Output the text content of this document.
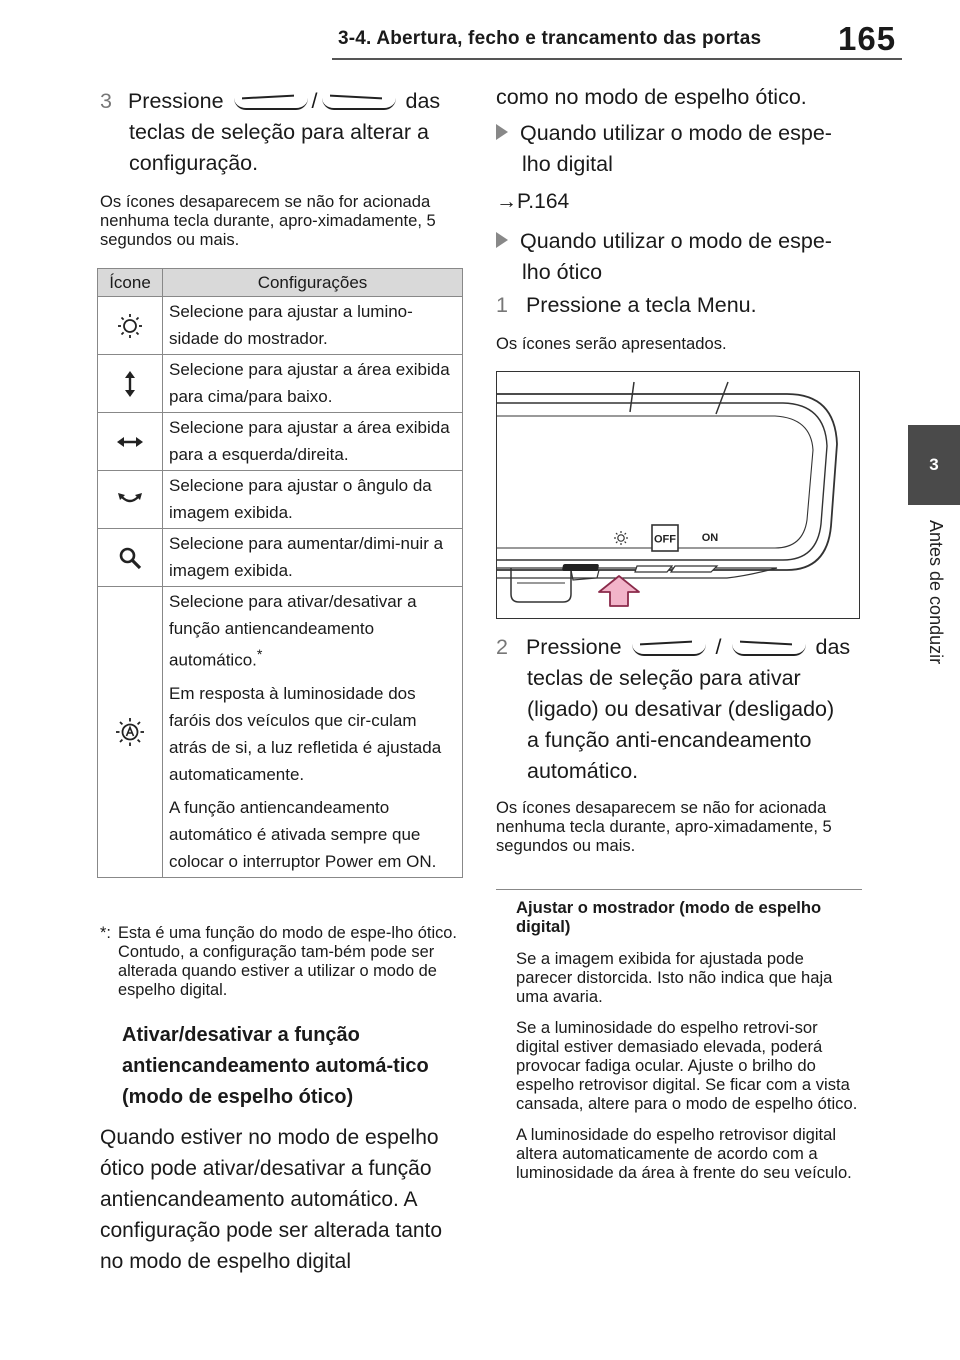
3-4. Abertura, fecho e trancamento das portas 165
3
Antes de conduzir
3 Pressione	/	das
teclas de seleção para alterar a
configuração.
Os ícones desaparecem se não for acionada nenhuma tecla durante, apro-ximadamente, 5 segundos ou mais.
Ícone	Configurações

Selecione para ajustar a lumino-sidade do mostrador.

Selecione para ajustar a área exibida para cima/para baixo.

Selecione para ajustar a área exibida para a esquerda/direita.

Selecione para ajustar o ângulo da imagem exibida.

Selecione para aumentar/dimi-nuir a imagem exibida.

Selecione para ativar/desativar a função antiencandeamento automático.*

Em resposta à luminosidade dos faróis dos veículos que cir-culam atrás de si, a luz refletida é ajustada automaticamente.

A função antiencandeamento automático é ativada sempre que colocar o interruptor Power em ON.

*: Esta é uma função do modo de espe-lho ótico. Contudo, a configuração tam-bém pode ser alterada quando estiver a utilizar o modo de espelho digital.
Ativar/desativar a função antiencandeamento automá-tico (modo de espelho ótico)
Quando estiver no modo de espelho ótico pode ativar/desativar a função antiencandeamento automático. A configuração pode ser alterada tanto no modo de espelho digital
como no modo de espelho ótico.
Quando utilizar o modo de espe-
lho digital
→P.164
Quando utilizar o modo de espe-
lho ótico
1 Pressione a tecla Menu.
Os ícones serão apresentados.
OFF ON
2 Pressione	/	das
teclas de seleção para ativar
(ligado) ou desativar (desligado)
a função anti-encandeamento
automático.
Os ícones desaparecem se não for acionada nenhuma tecla durante, apro-ximadamente, 5 segundos ou mais.
Ajustar o mostrador (modo de espelho digital)

Se a imagem exibida for ajustada pode parecer distorcida. Isto não indica que haja uma avaria.

Se a luminosidade do espelho retrovi-sor digital estiver demasiado elevada, poderá provocar fadiga ocular. Ajuste o brilho do espelho retrovisor digital. Se ficar com a vista cansada, altere para o modo de espelho ótico.

A luminosidade do espelho retrovisor digital altera automaticamente de acordo com a luminosidade da área à frente do seu veículo.
